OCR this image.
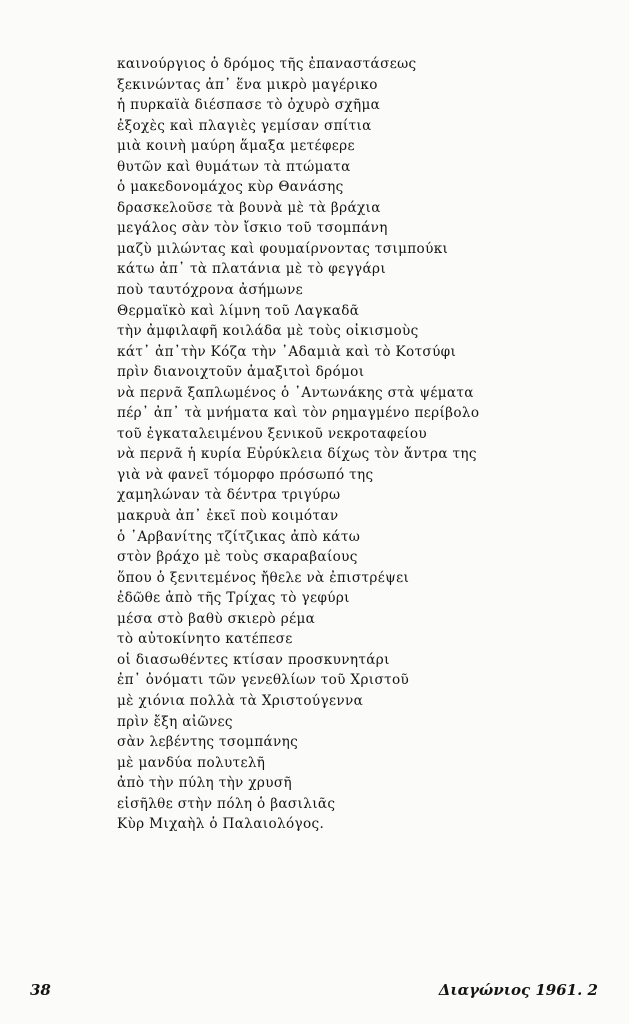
καινούργιος ὁ δρόμος τῆς ἐπαναστάσεως
ξεκινώντας ἀπ᾽ ἕνα μικρὸ μαγέρικο
ἡ πυρκαϊὰ διέσπασε τὸ ὀχυρὸ σχῆμα
ἐξοχὲς καὶ πλαγιὲς γεμίσαν σπίτια
μιὰ κοινὴ μαύρη ἅμαξα μετέφερε
θυτῶν καὶ θυμάτων τὰ πτώματα
ὁ μακεδονομάχος κὺρ Θανάσης
δρασκελοῦσε τὰ βουνὰ μὲ τὰ βράχια
μεγάλος σὰν τὸν ἴσκιο τοῦ τσομπάνη
μαζὺ μιλώντας καὶ φουμαίρνοντας τσιμπούκι
κάτω ἀπ᾽ τὰ πλατάνια μὲ τὸ φεγγάρι
ποὺ ταυτόχρονα ἀσήμωνε
Θερμαϊκὸ καὶ λίμνη τοῦ Λαγκαδᾶ
τὴν ἀμφιλαφῆ κοιλάδα μὲ τοὺς οἰκισμοὺς
κάτ᾽ ἀπ᾽τὴν Κόζα τὴν ᾽Αδαμιὰ καὶ τὸ Κοτσύφι
πρὶν διανοιχτοῦν ἁμαξιτοὶ δρόμοι
νὰ περνᾶ ξαπλωμένος ὁ ᾽Αντωνάκης στὰ ψέματα
πέρ᾽ ἀπ᾽ τὰ μνήματα καὶ τὸν ρημαγμένο περίβολο
τοῦ ἐγκαταλειμένου ξενικοῦ νεκροταφείου
νὰ περνᾶ ἡ κυρία Εὐρύκλεια δίχως τὸν ἄντρα της
γιὰ νὰ φανεῖ τόμορφο πρόσωπό της
χαμηλώναν τὰ δέντρα τριγύρω
μακρυὰ ἀπ᾽ ἐκεῖ ποὺ κοιμόταν
ὁ ᾽Αρβανίτης τζίτζικας ἀπὸ κάτω
στὸν βράχο μὲ τοὺς σκαραβαίους
ὅπου ὁ ξενιτεμένος ἤθελε νὰ ἐπιστρέψει
ἐδῶθε ἀπὸ τῆς Τρίχας τὸ γεφύρι
μέσα στὸ βαθὺ σκιερὸ ρέμα
τὸ αὐτοκίνητο κατέπεσε
οἱ διασωθέντες κτίσαν προσκυνητάρι
ἐπ᾽ ὀνόματι τῶν γενεθλίων τοῦ Χριστοῦ
μὲ χιόνια πολλὰ τὰ Χριστούγεννα
πρὶν ἔξη αἰῶνες
σὰν λεβέντης τσομπάνης
μὲ μανδύα πολυτελῆ
ἀπὸ τὴν πύλη τὴν χρυσῆ
εἰσῆλθε στὴν πόλη ὁ βασιλιᾶς
Κὺρ Μιχαὴλ ὁ Παλαιολόγος.
38	Διαγώνιος 1961. 2
